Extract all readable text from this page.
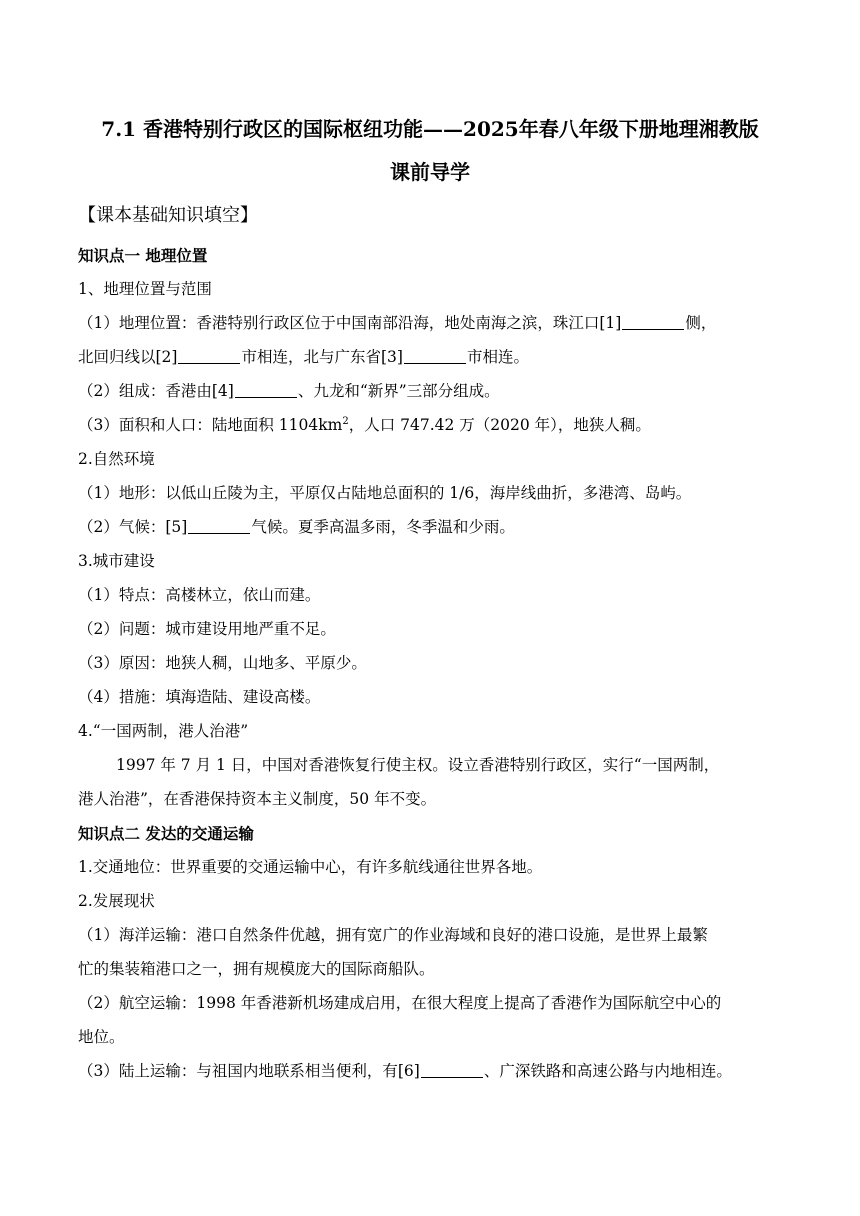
7.1 香港特别行政区的国际枢纽功能——2025年春八年级下册地理湘教版
课前导学
【课本基础知识填空】
知识点一 地理位置
1、地理位置与范围
（1）地理位置：香港特别行政区位于中国南部沿海，地处南海之滨，珠江口[1]	侧，
北回归线以[2]	市相连，北与广东省[3]	市相连。
（2）组成：香港由[4]	、九龙和“新界”三部分组成。
（3）面积和人口：陆地面积 $1104km^2$，人口 747.42 万（2020 年），地狭人稠。
2.自然环境
（1）地形：以低山丘陵为主，平原仅占陆地总面积的 1/6，海岸线曲折，多港湾、岛屿。
（2）气候：[5]	气候。夏季高温多雨，冬季温和少雨。
3.城市建设
（1）特点：高楼林立，依山而建。
（2）问题：城市建设用地严重不足。
（3）原因：地狭人稠，山地多、平原少。
（4）措施：填海造陆、建设高楼。
4.“一国两制，港人治港”
1997 年 7 月 1 日，中国对香港恢复行使主权。设立香港特别行政区，实行“一国两制，
港人治港”，在香港保持资本主义制度，50 年不变。
知识点二 发达的交通运输
1.交通地位：世界重要的交通运输中心，有许多航线通往世界各地。
2.发展现状
（1）海洋运输：港口自然条件优越，拥有宽广的作业海域和良好的港口设施，是世界上最繁
忙的集装箱港口之一，拥有规模庞大的国际商船队。
（2）航空运输：1998 年香港新机场建成启用，在很大程度上提高了香港作为国际航空中心的
地位。
（3）陆上运输：与祖国内地联系相当便利，有[6]	、广深铁路和高速公路与内地相连。
